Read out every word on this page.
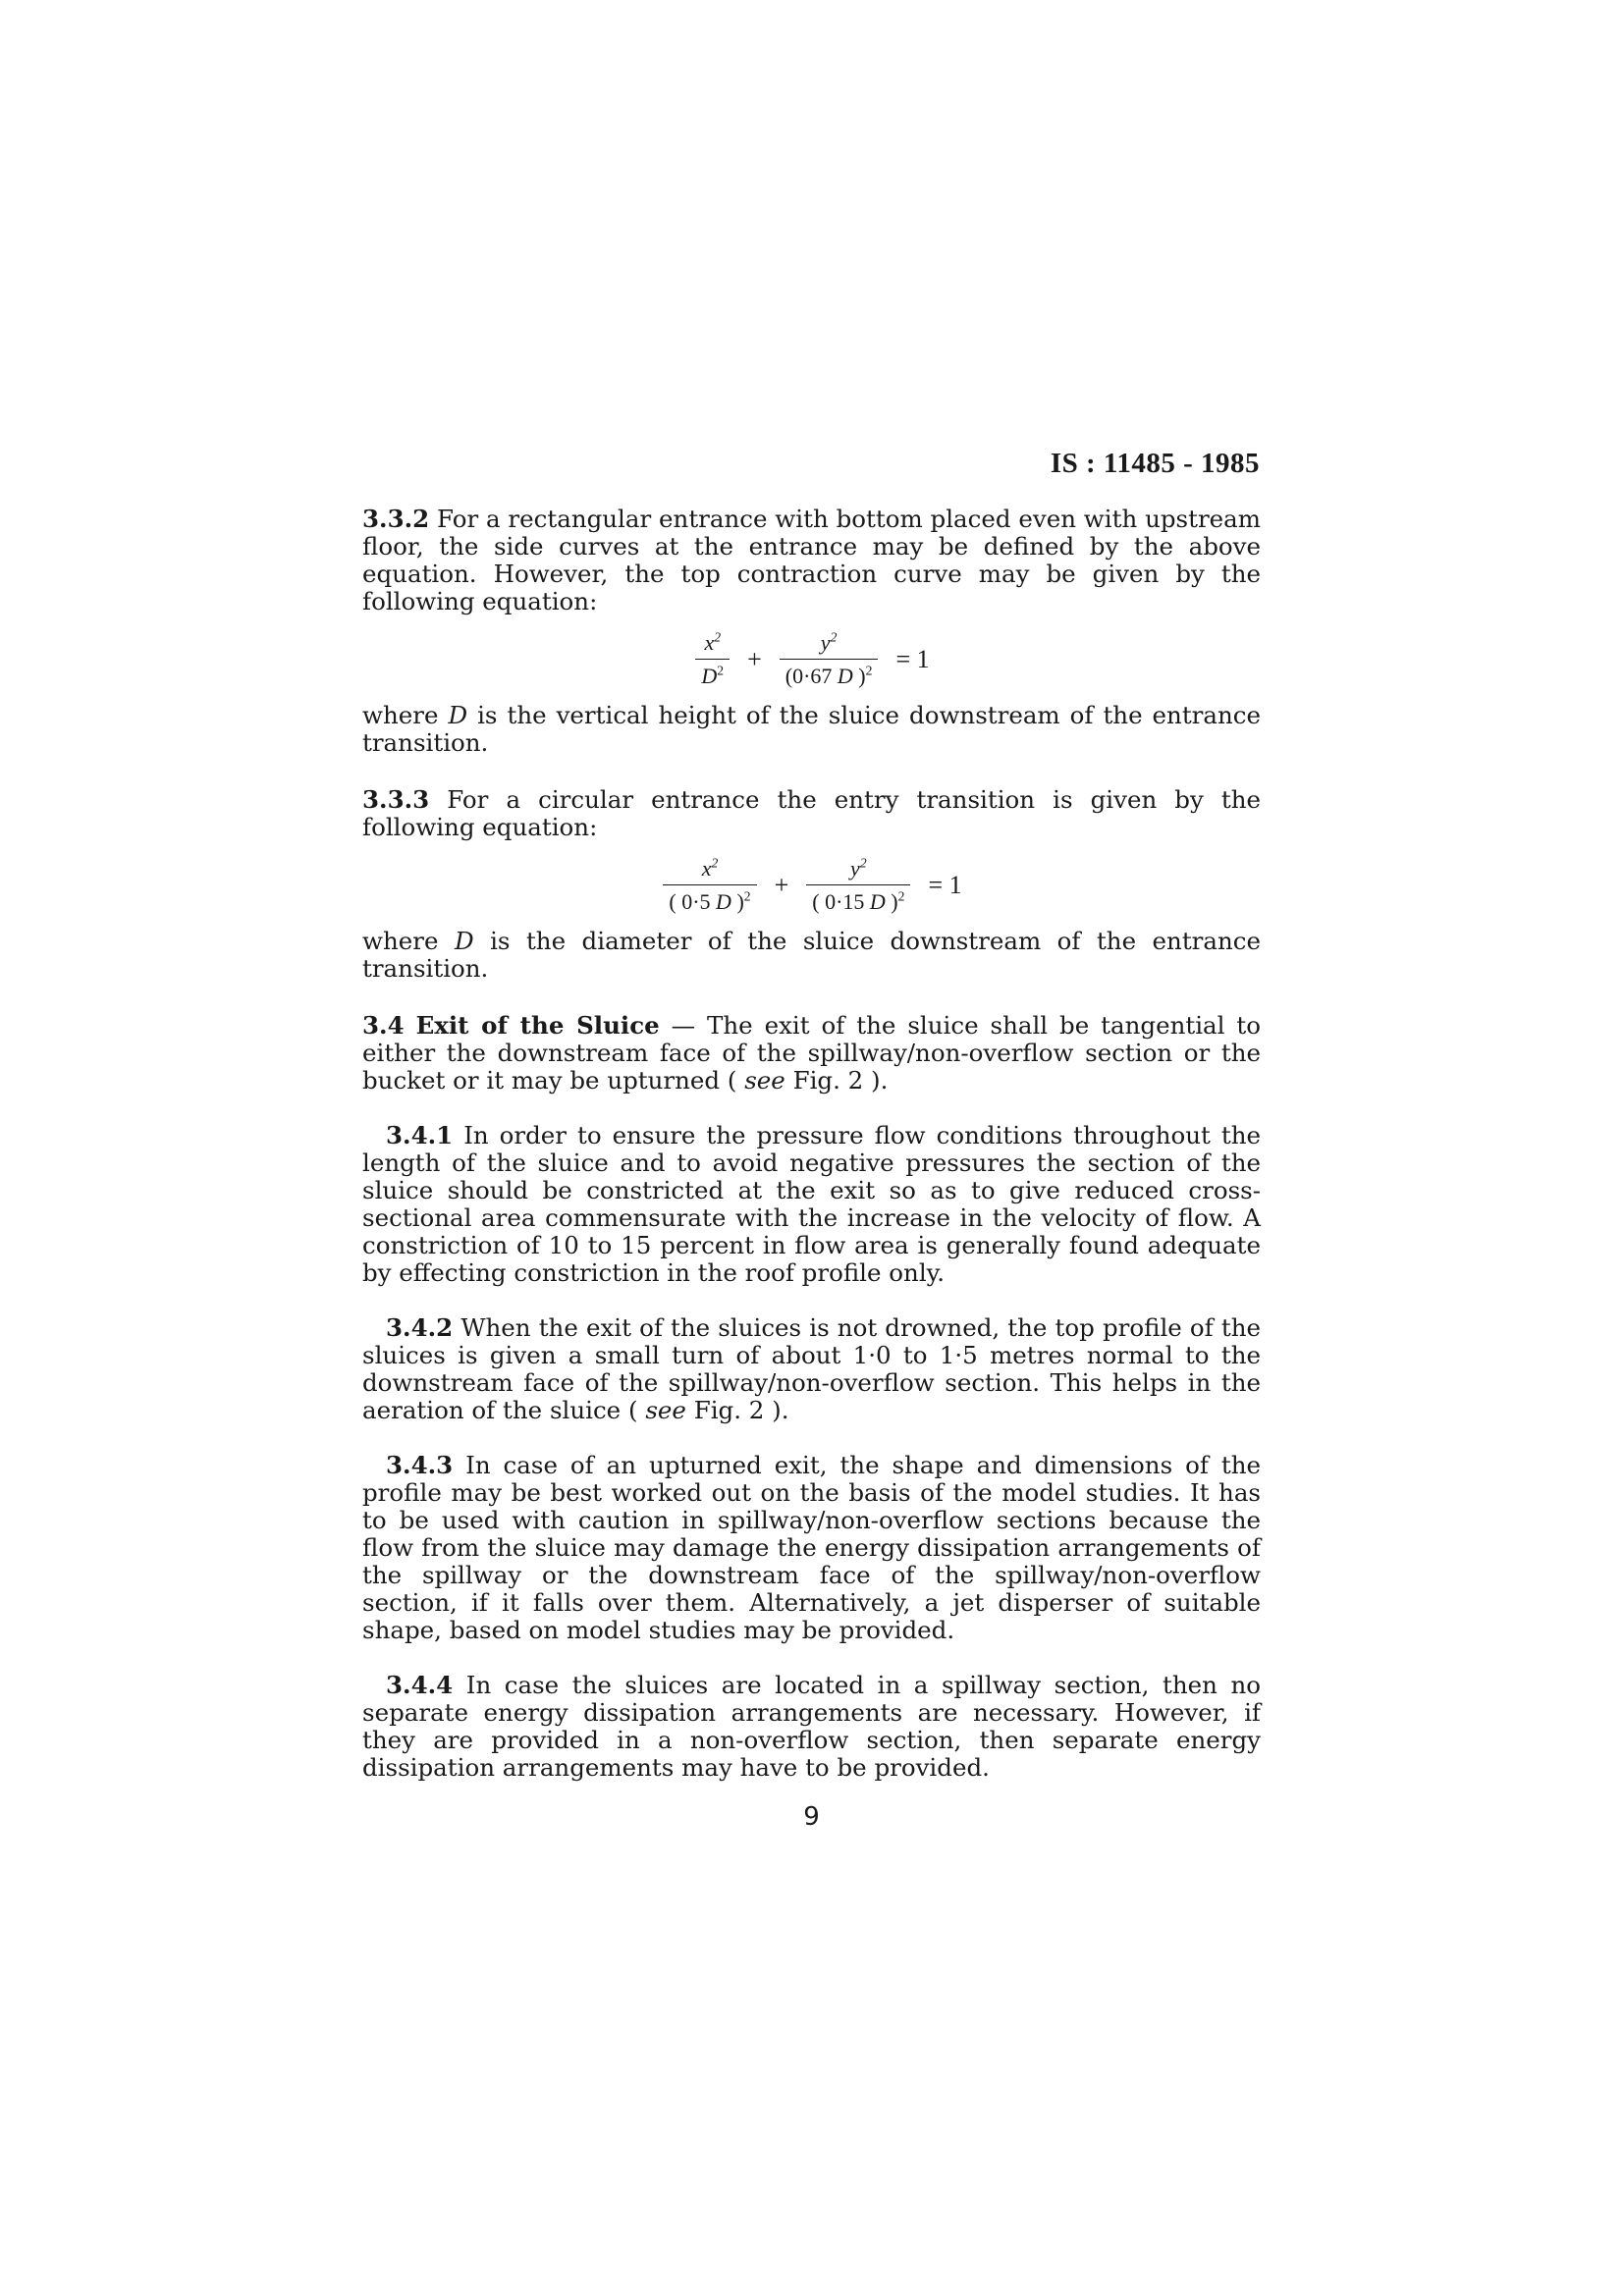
IS : 11485 - 1985

3.3.2 For a rectangular entrance with bottom placed even with upstream floor, the side curves at the entrance may be defined by the above equation. However, the top contraction curve may be given by the following equation:

$\frac{x^2}{D^2} + \frac{y^2}{(0\cdot 67 D )^2} = 1$

where D is the vertical height of the sluice downstream of the entrance transition.

3.3.3 For a circular entrance the entry transition is given by the following equation:

$\frac{x^2}{( 0\cdot 5 D )^2} + \frac{y^2}{( 0\cdot 15 D )^2} = 1$

where D is the diameter of the sluice downstream of the entrance transition.

3.4 Exit of the Sluice — The exit of the sluice shall be tangential to either the downstream face of the spillway/non-overflow section or the bucket or it may be upturned ( see Fig. 2 ).

3.4.1 In order to ensure the pressure flow conditions throughout the length of the sluice and to avoid negative pressures the section of the sluice should be constricted at the exit so as to give reduced cross-sectional area commensurate with the increase in the velocity of flow. A constriction of 10 to 15 percent in flow area is generally found adequate by effecting constriction in the roof profile only.

3.4.2 When the exit of the sluices is not drowned, the top profile of the sluices is given a small turn of about 1·0 to 1·5 metres normal to the downstream face of the spillway/non-overflow section. This helps in the aeration of the sluice ( see Fig. 2 ).

3.4.3 In case of an upturned exit, the shape and dimensions of the profile may be best worked out on the basis of the model studies. It has to be used with caution in spillway/non-overflow sections because the flow from the sluice may damage the energy dissipation arrangements of the spillway or the downstream face of the spillway/non-overflow section, if it falls over them. Alternatively, a jet disperser of suitable shape, based on model studies may be provided.

3.4.4 In case the sluices are located in a spillway section, then no separate energy dissipation arrangements are necessary. However, if they are provided in a non-overflow section, then separate energy dissipation arrangements may have to be provided.

9
